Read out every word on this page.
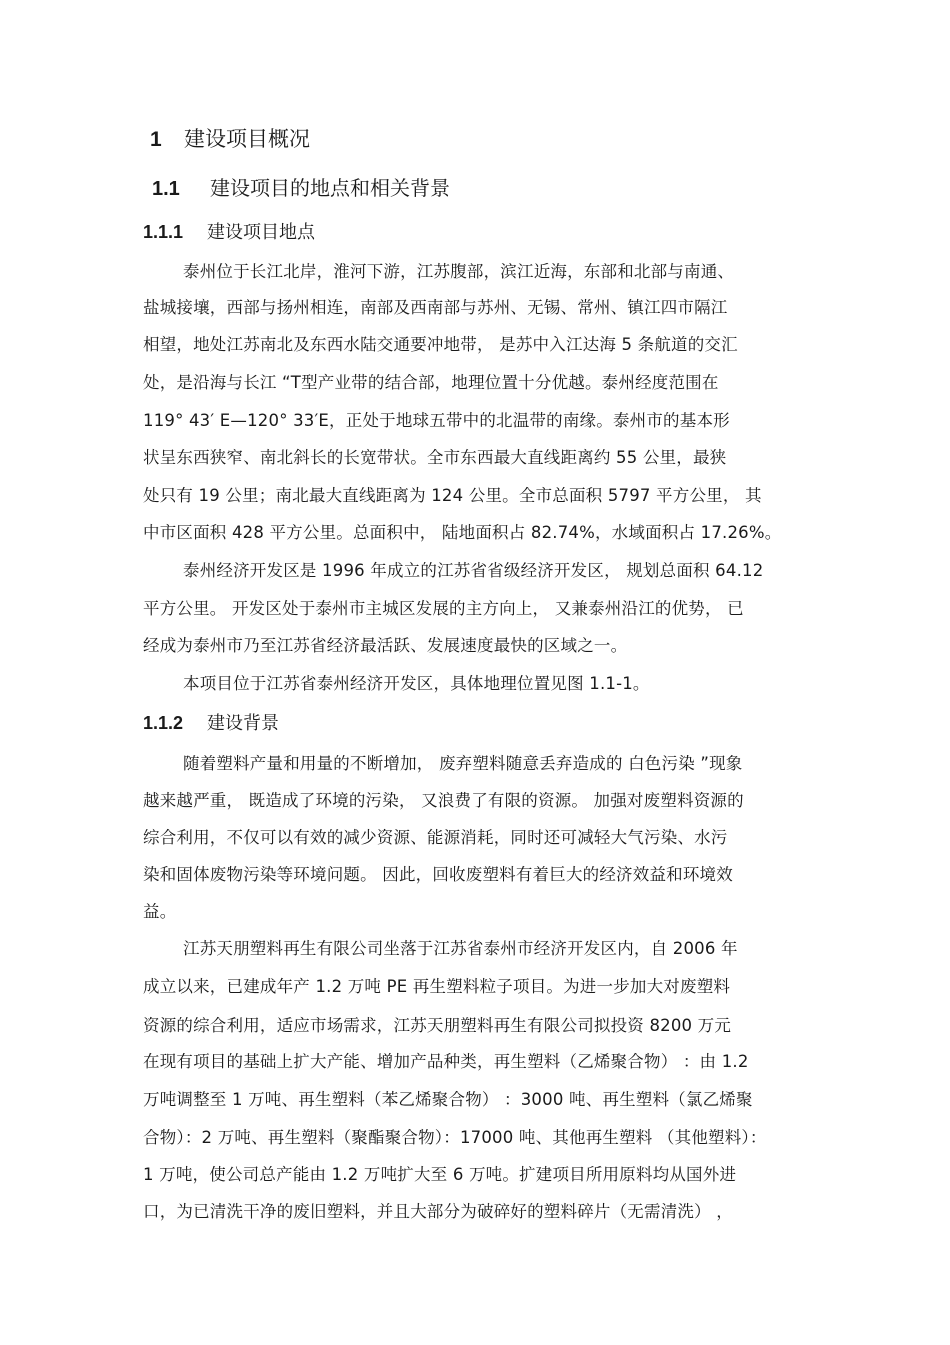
1 建设项目概况
1.1 建设项目的地点和相关背景
1.1.1 建设项目地点
泰州位于长江北岸，淮河下游，江苏腹部，滨江近海，东部和北部与南通、
盐城接壤，西部与扬州相连，南部及西南部与苏州、无锡、常州、镇江四市隔江
相望，地处江苏南北及东西水陆交通要冲地带， 是苏中入江达海 5 条航道的交汇
处，是沿海与长江 “T型产业带的结合部，地理位置十分优越。泰州经度范围在
119° 43′ E—120° 33′E，正处于地球五带中的北温带的南缘。泰州市的基本形
状呈东西狭窄、南北斜长的长宽带状。全市东西最大直线距离约 55 公里，最狭
处只有 19 公里；南北最大直线距离为 124 公里。全市总面积 5797 平方公里， 其
中市区面积 428 平方公里。总面积中， 陆地面积占 82.74%，水域面积占 17.26%。
泰州经济开发区是 1996 年成立的江苏省省级经济开发区， 规划总面积 64.12
平方公里。 开发区处于泰州市主城区发展的主方向上， 又兼泰州沿江的优势， 已
经成为泰州市乃至江苏省经济最活跃、发展速度最快的区域之一。
本项目位于江苏省泰州经济开发区，具体地理位置见图 1.1-1。
1.1.2 建设背景
随着塑料产量和用量的不断增加， 废弃塑料随意丢弃造成的 白色污染 ”现象
越来越严重， 既造成了环境的污染， 又浪费了有限的资源。 加强对废塑料资源的
综合利用，不仅可以有效的减少资源、能源消耗，同时还可减轻大气污染、水污
染和固体废物污染等环境问题。 因此，回收废塑料有着巨大的经济效益和环境效
益。
江苏天朋塑料再生有限公司坐落于江苏省泰州市经济开发区内，自 2006 年
成立以来，已建成年产 1.2 万吨 PE 再生塑料粒子项目。为进一步加大对废塑料
资源的综合利用，适应市场需求，江苏天朋塑料再生有限公司拟投资 8200 万元
在现有项目的基础上扩大产能、增加产品种类，再生塑料（乙烯聚合物） ：由 1.2
万吨调整至 1 万吨、再生塑料（苯乙烯聚合物） ：3000 吨、再生塑料（氯乙烯聚
合物）：2 万吨、再生塑料（聚酯聚合物）：17000 吨、其他再生塑料 （其他塑料）：
1 万吨，使公司总产能由 1.2 万吨扩大至 6 万吨。扩建项目所用原料均从国外进
口，为已清洗干净的废旧塑料，并且大部分为破碎好的塑料碎片（无需清洗） ，
